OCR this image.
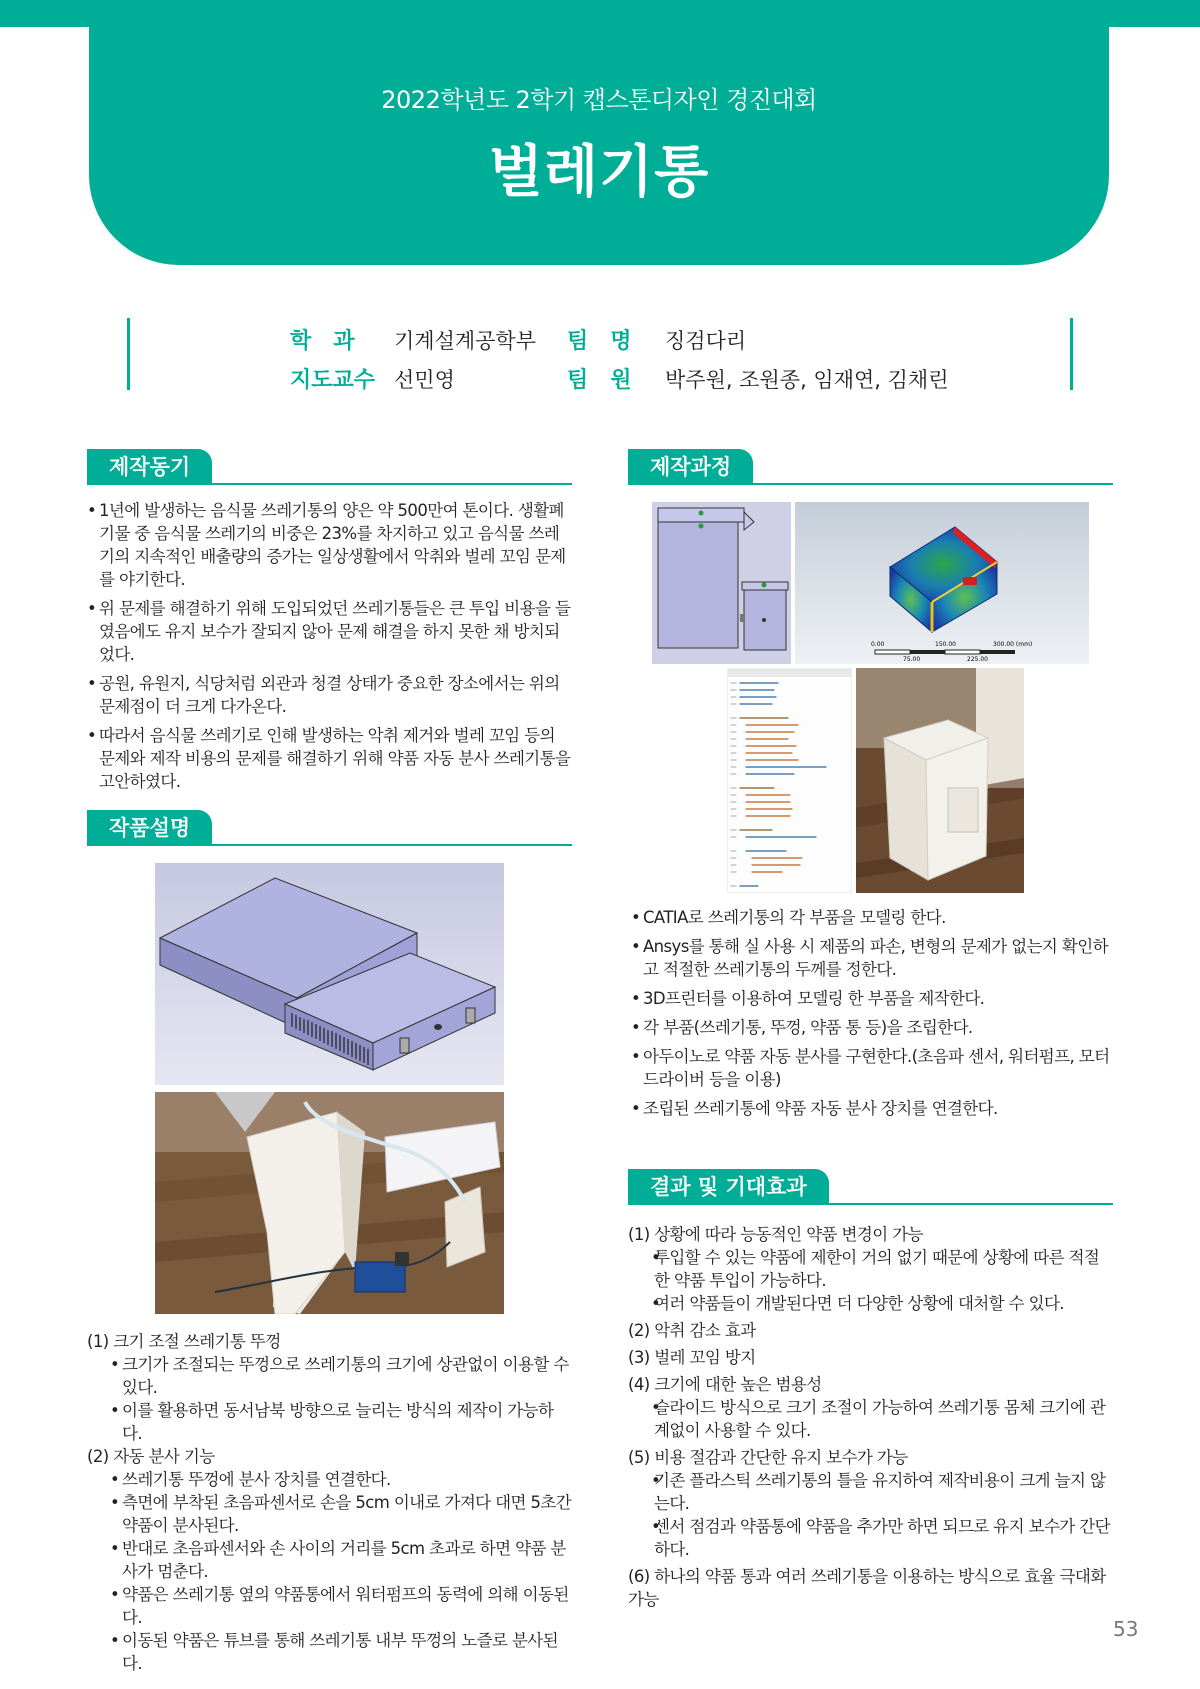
2022학년도 2학기 캡스톤디자인 경진대회
벌레기통
학　과 기계설계공학부 팀　명 징검다리
지도교수 선민영	팀　원 박주원, 조원종, 임재연, 김채린
제작동기
• 1년에 발생하는 음식물 쓰레기통의 양은 약 500만여 톤이다. 생활폐기물 중 음식물 쓰레기의 비중은 23%를 차지하고 있고 음식물 쓰레기의 지속적인 배출량의 증가는 일상생활에서 악취와 벌레 꼬임 문제를 야기한다.
• 위 문제를 해결하기 위해 도입되었던 쓰레기통들은 큰 투입 비용을 들였음에도 유지 보수가 잘되지 않아 문제 해결을 하지 못한 채 방치되었다.
• 공원, 유원지, 식당처럼 외관과 청결 상태가 중요한 장소에서는 위의 문제점이 더 크게 다가온다.
• 따라서 음식물 쓰레기로 인해 발생하는 악취 제거와 벌레 꼬임 등의 문제와 제작 비용의 문제를 해결하기 위해 약품 자동 분사 쓰레기통을 고안하였다.
작품설명
(1) 크기 조절 쓰레기통 뚜껑
• 크기가 조절되는 뚜껑으로 쓰레기통의 크기에 상관없이 이용할 수 있다.
• 이를 활용하면 동서남북 방향으로 늘리는 방식의 제작이 가능하다.
(2) 자동 분사 기능
• 쓰레기통 뚜껑에 분사 장치를 연결한다.
• 측면에 부착된 초음파센서로 손을 5cm 이내로 가져다 대면 5초간 약품이 분사된다.
• 반대로 초음파센서와 손 사이의 거리를 5cm 초과로 하면 약품 분사가 멈춘다.
• 약품은 쓰레기통 옆의 약품통에서 워터펌프의 동력에 의해 이동된다.
• 이동된 약품은 튜브를 통해 쓰레기통 내부 뚜껑의 노즐로 분사된다.
제작과정
0.00	150.00	300.00 (mm)
75.00	225.00
• CATIA로 쓰레기통의 각 부품을 모델링 한다.
• Ansys를 통해 실 사용 시 제품의 파손, 변형의 문제가 없는지 확인하고 적절한 쓰레기통의 두께를 정한다.
• 3D프린터를 이용하여 모델링 한 부품을 제작한다.
• 각 부품(쓰레기통, 뚜껑, 약품 통 등)을 조립한다.
• 아두이노로 약품 자동 분사를 구현한다.(초음파 센서, 워터펌프, 모터 드라이버 등을 이용)
• 조립된 쓰레기통에 약품 자동 분사 장치를 연결한다.
결과 및 기대효과
(1) 상황에 따라 능동적인 약품 변경이 가능
• 투입할 수 있는 약품에 제한이 거의 없기 때문에 상황에 따른 적절한 약품 투입이 가능하다.
• 여러 약품들이 개발된다면 더 다양한 상황에 대처할 수 있다.
(2) 악취 감소 효과
(3) 벌레 꼬임 방지
(4) 크기에 대한 높은 범용성
• 슬라이드 방식으로 크기 조절이 가능하여 쓰레기통 몸체 크기에 관계없이 사용할 수 있다.
(5) 비용 절감과 간단한 유지 보수가 가능
• 기존 플라스틱 쓰레기통의 틀을 유지하여 제작비용이 크게 늘지 않는다.
• 센서 점검과 약품통에 약품을 추가만 하면 되므로 유지 보수가 간단하다.
(6) 하나의 약품 통과 여러 쓰레기통을 이용하는 방식으로 효율 극대화 가능
53
